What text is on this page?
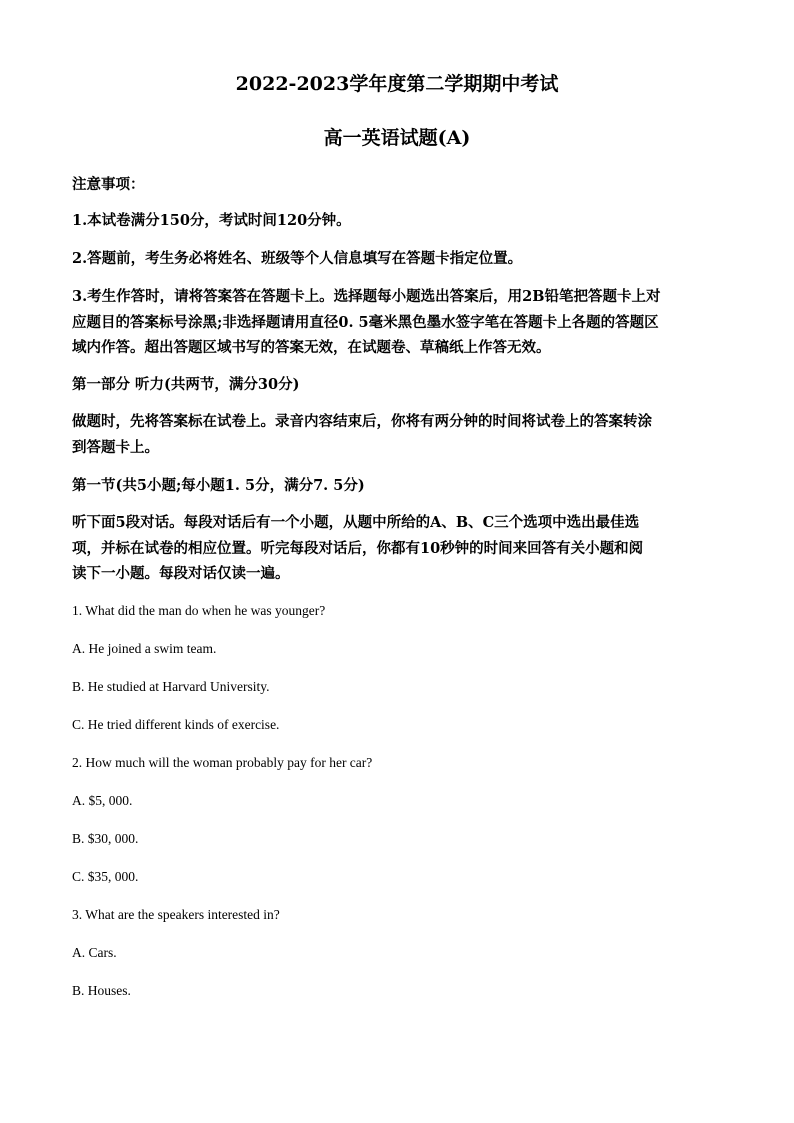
2022-2023学年度第二学期期中考试
高一英语试题(A)

注意事项：

1.本试卷满分150分，考试时间120分钟。

2.答题前，考生务必将姓名、班级等个人信息填写在答题卡指定位置。

3.考生作答时，请将答案答在答题卡上。选择题每小题选出答案后，用2B铅笔把答题卡上对

应题目的答案标号涂黑;非选择题请用直径0. 5毫米黑色墨水签字笔在答题卡上各题的答题区

域内作答。超出答题区域书写的答案无效，在试题卷、草稿纸上作答无效。

第一部分 听力(共两节，满分30分)

做题时，先将答案标在试卷上。录音内容结束后，你将有两分钟的时间将试卷上的答案转涂

到答题卡上。

第一节(共5小题;每小题1. 5分，满分7. 5分)

听下面5段对话。每段对话后有一个小题，从题中所给的A、B、C三个选项中选出最佳选

项，并标在试卷的相应位置。听完每段对话后，你都有10秒钟的时间来回答有关小题和阅

读下一小题。每段对话仅读一遍。

1. What did the man do when he was younger?

A. He joined a swim team.

B. He studied at Harvard University.

C. He tried different kinds of exercise.

2. How much will the woman probably pay for her car?

A. $5, 000.

B. $30, 000.

C. $35, 000.

3. What are the speakers interested in?

A. Cars.

B. Houses.
